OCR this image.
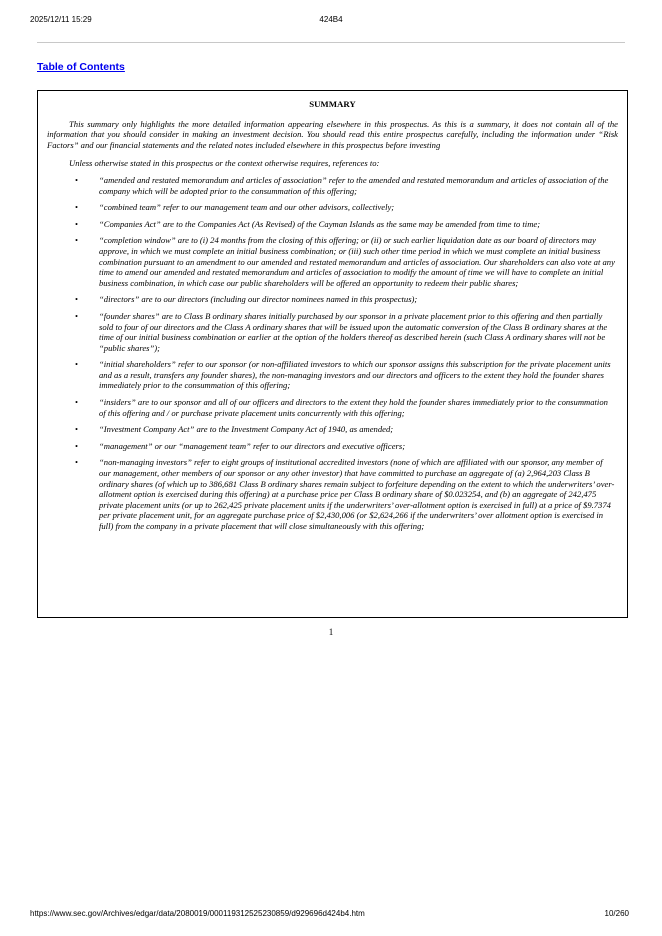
2025/12/11 15:29	424B4
Table of Contents
SUMMARY
This summary only highlights the more detailed information appearing elsewhere in this prospectus. As this is a summary, it does not contain all of the information that you should consider in making an investment decision. You should read this entire prospectus carefully, including the information under “Risk Factors” and our financial statements and the related notes included elsewhere in this prospectus before investing
Unless otherwise stated in this prospectus or the context otherwise requires, references to:
• “amended and restated memorandum and articles of association” refer to the amended and restated memorandum and articles of association of the company which will be adopted prior to the consummation of this offering;
• “combined team” refer to our management team and our other advisors, collectively;
• “Companies Act” are to the Companies Act (As Revised) of the Cayman Islands as the same may be amended from time to time;
• “completion window” are to (i) 24 months from the closing of this offering; or (ii) or such earlier liquidation date as our board of directors may approve, in which we must complete an initial business combination; or (iii) such other time period in which we must complete an initial business combination pursuant to an amendment to our amended and restated memorandum and articles of association. Our shareholders can also vote at any time to amend our amended and restated memorandum and articles of association to modify the amount of time we will have to complete an initial business combination, in which case our public shareholders will be offered an opportunity to redeem their public shares;
• “directors” are to our directors (including our director nominees named in this prospectus);
• “founder shares” are to Class B ordinary shares initially purchased by our sponsor in a private placement prior to this offering and then partially sold to four of our directors and the Class A ordinary shares that will be issued upon the automatic conversion of the Class B ordinary shares at the time of our initial business combination or earlier at the option of the holders thereof as described herein (such Class A ordinary shares will not be “public shares”);
• “initial shareholders” refer to our sponsor (or non-affiliated investors to which our sponsor assigns this subscription for the private placement units and as a result, transfers any founder shares), the non-managing investors and our directors and officers to the extent they hold the founder shares immediately prior to the consummation of this offering;
• “insiders” are to our sponsor and all of our officers and directors to the extent they hold the founder shares immediately prior to the consummation of this offering and / or purchase private placement units concurrently with this offering;
• “Investment Company Act” are to the Investment Company Act of 1940, as amended;
• “management” or our “management team” refer to our directors and executive officers;
• “non-managing investors” refer to eight groups of institutional accredited investors (none of which are affiliated with our sponsor, any member of our management, other members of our sponsor or any other investor) that have committed to purchase an aggregate of (a) 2,964,203 Class B ordinary shares (of which up to 386,681 Class B ordinary shares remain subject to forfeiture depending on the extent to which the underwriters’ over-allotment option is exercised during this offering) at a purchase price per Class B ordinary share of $0.023254, and (b) an aggregate of 242,475 private placement units (or up to 262,425 private placement units if the underwriters’ over-allotment option is exercised in full) at a price of $9.7374 per private placement unit, for an aggregate purchase price of $2,430,006 (or $2,624,266 if the underwriters’ over allotment option is exercised in full) from the company in a private placement that will close simultaneously with this offering;
1
https://www.sec.gov/Archives/edgar/data/2080019/000119312525230859/d929696d424b4.htm	10/260
